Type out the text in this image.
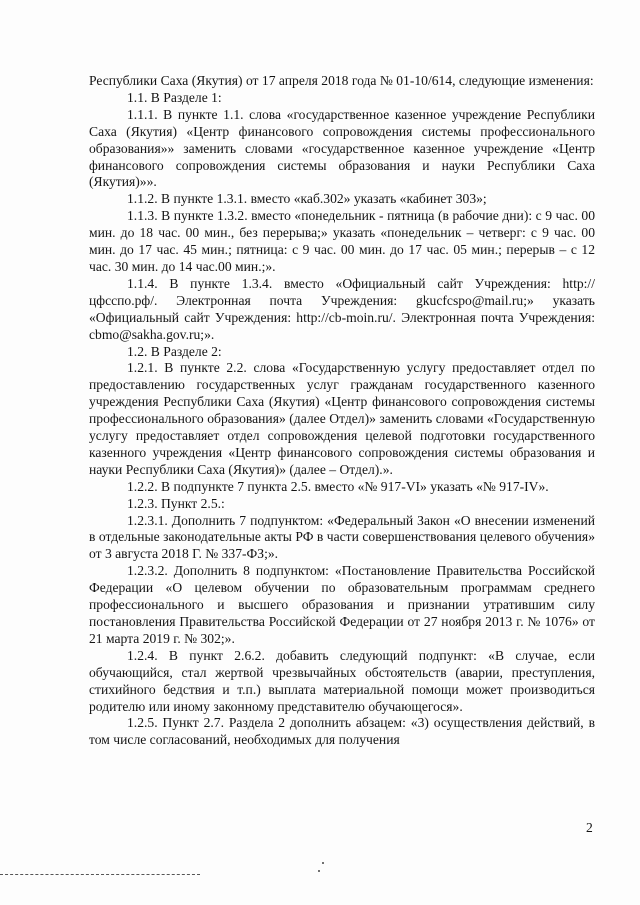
Республики Саха (Якутия) от 17 апреля 2018 года № 01-10/614, следующие изменения:

1.1. В Разделе 1:

1.1.1. В пункте 1.1. слова «государственное казенное учреждение Республики Саха (Якутия) «Центр финансового сопровождения системы профессионального образования»» заменить словами «государственное казенное учреждение «Центр финансового сопровождения системы образования и науки Республики Саха (Якутия)»».

1.1.2. В пункте 1.3.1. вместо «каб.302» указать «кабинет 303»;

1.1.3. В пункте 1.3.2. вместо «понедельник - пятница (в рабочие дни): с 9 час. 00 мин. до 18 час. 00 мин., без перерыва;» указать «понедельник – четверг: с 9 час. 00 мин. до 17 час. 45 мин.; пятница: с 9 час. 00 мин. до 17 час. 05 мин.; перерыв – с 12 час. 30 мин. до 14 час.00 мин.;».

1.1.4. В пункте 1.3.4. вместо «Официальный сайт Учреждения: http://цфсспо.рф/. Электронная почта Учреждения: gkucfcspo@mail.ru;» указать «Официальный сайт Учреждения: http://cb-moin.ru/. Электронная почта Учреждения: cbmo@sakha.gov.ru;».

1.2. В Разделе 2:

1.2.1. В пункте 2.2. слова «Государственную услугу предоставляет отдел по предоставлению государственных услуг гражданам государственного казенного учреждения Республики Саха (Якутия) «Центр финансового сопровождения системы профессионального образования» (далее Отдел)» заменить словами «Государственную услугу предоставляет отдел сопровождения целевой подготовки государственного казенного учреждения «Центр финансового сопровождения системы образования и науки Республики Саха (Якутия)» (далее – Отдел).».

1.2.2. В подпункте 7 пункта 2.5. вместо «№ 917-VI» указать «№ 917-IV».

1.2.3. Пункт 2.5.:

1.2.3.1. Дополнить 7 подпунктом: «Федеральный Закон «О внесении изменений в отдельные законодательные акты РФ в части совершенствования целевого обучения» от 3 августа 2018 Г. № 337-ФЗ;».

1.2.3.2. Дополнить 8 подпунктом: «Постановление Правительства Российской Федерации «О целевом обучении по образовательным программам среднего профессионального и высшего образования и признании утратившим силу постановления Правительства Российской Федерации от 27 ноября 2013 г. № 1076» от 21 марта 2019 г. № 302;».

1.2.4. В пункт 2.6.2. добавить следующий подпункт: «В случае, если обучающийся, стал жертвой чрезвычайных обстоятельств (аварии, преступления, стихийного бедствия и т.п.) выплата материальной помощи может производиться родителю или иному законному представителю обучающегося».

1.2.5. Пункт 2.7. Раздела 2 дополнить абзацем: «3) осуществления действий, в том числе согласований, необходимых для получения

2
